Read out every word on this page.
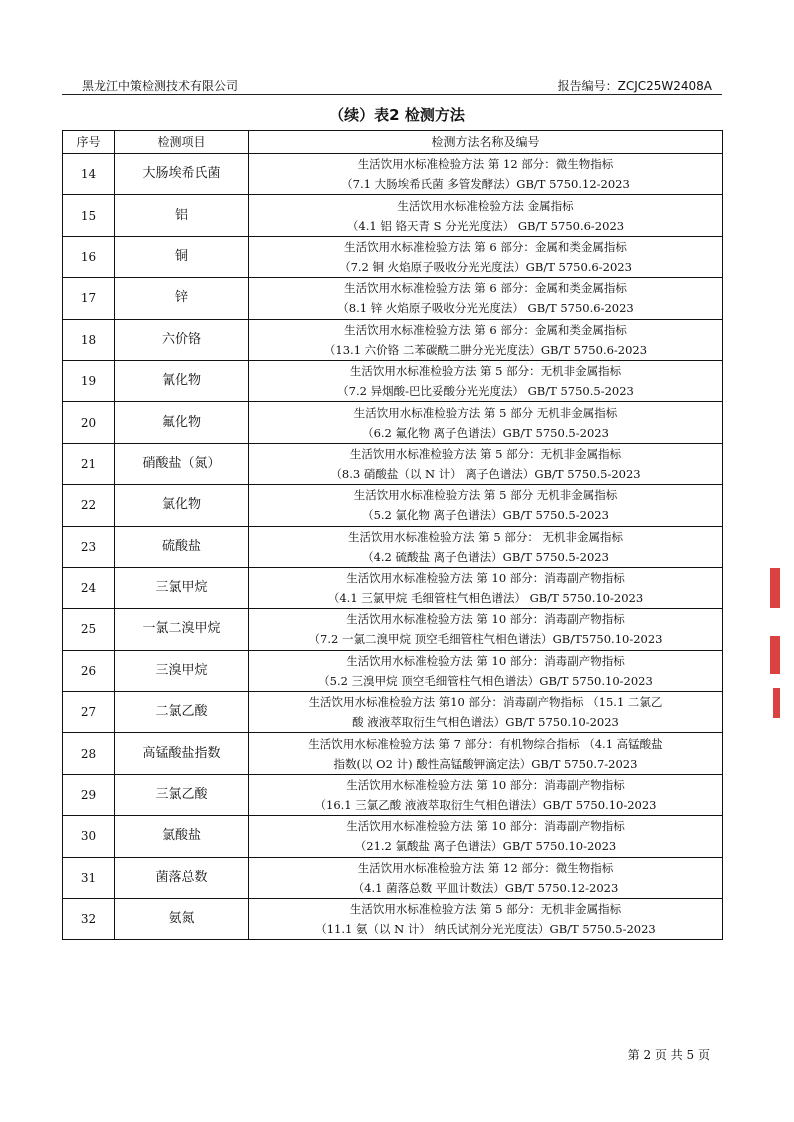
黑龙江中策检测技术有限公司	报告编号：ZCJC25W2408A
（续）表2 检测方法
序号	检测项目	检测方法名称及编号
14	大肠埃希氏菌	生活饮用水标准检验方法 第 12 部分：微生物指标
（7.1 大肠埃希氏菌 多管发酵法）GB/T 5750.12-2023

15	铝	生活饮用水标准检验方法 金属指标
（4.1 铝 铬天青 S 分光光度法） GB/T 5750.6-2023

16	铜	生活饮用水标准检验方法 第 6 部分：金属和类金属指标
（7.2 铜 火焰原子吸收分光光度法）GB/T 5750.6-2023

17	锌	生活饮用水标准检验方法 第 6 部分：金属和类金属指标
（8.1 锌 火焰原子吸收分光光度法） GB/T 5750.6-2023

18	六价铬	生活饮用水标准检验方法 第 6 部分：金属和类金属指标
（13.1 六价铬 二苯碳酰二肼分光光度法）GB/T 5750.6-2023

19	氰化物	生活饮用水标准检验方法 第 5 部分：无机非金属指标
（7.2 异烟酸-巴比妥酸分光光度法） GB/T 5750.5-2023

20	氟化物	生活饮用水标准检验方法 第 5 部分 无机非金属指标
（6.2 氟化物 离子色谱法）GB/T 5750.5-2023

21	硝酸盐（氮）	生活饮用水标准检验方法 第 5 部分：无机非金属指标
（8.3 硝酸盐（以 N 计） 离子色谱法）GB/T 5750.5-2023

22	氯化物	生活饮用水标准检验方法 第 5 部分 无机非金属指标
（5.2 氯化物 离子色谱法）GB/T 5750.5-2023

23	硫酸盐	生活饮用水标准检验方法 第 5 部分： 无机非金属指标
（4.2 硫酸盐 离子色谱法）GB/T 5750.5-2023

24	三氯甲烷	生活饮用水标准检验方法 第 10 部分：消毒副产物指标
（4.1 三氯甲烷 毛细管柱气相色谱法） GB/T 5750.10-2023

25	一氯二溴甲烷	生活饮用水标准检验方法 第 10 部分：消毒副产物指标
（7.2 一氯二溴甲烷 顶空毛细管柱气相色谱法）GB/T5750.10-2023

26	三溴甲烷	生活饮用水标准检验方法 第 10 部分：消毒副产物指标
（5.2 三溴甲烷 顶空毛细管柱气相色谱法）GB/T 5750.10-2023

27	二氯乙酸	生活饮用水标准检验方法 第10 部分：消毒副产物指标 （15.1 二氯乙
酸 液液萃取衍生气相色谱法）GB/T 5750.10-2023

28	高锰酸盐指数	生活饮用水标准检验方法 第 7 部分：有机物综合指标 （4.1 高锰酸盐
指数(以 O2 计) 酸性高锰酸钾滴定法）GB/T 5750.7-2023

29	三氯乙酸	生活饮用水标准检验方法 第 10 部分：消毒副产物指标
（16.1 三氯乙酸 液液萃取衍生气相色谱法）GB/T 5750.10-2023

30	氯酸盐	生活饮用水标准检验方法 第 10 部分：消毒副产物指标
（21.2 氯酸盐 离子色谱法）GB/T 5750.10-2023

31	菌落总数	生活饮用水标准检验方法 第 12 部分：微生物指标
（4.1 菌落总数 平皿计数法）GB/T 5750.12-2023

32	氨氮	生活饮用水标准检验方法 第 5 部分：无机非金属指标
（11.1 氨（以 N 计） 纳氏试剂分光光度法）GB/T 5750.5-2023
第 2 页 共 5 页
